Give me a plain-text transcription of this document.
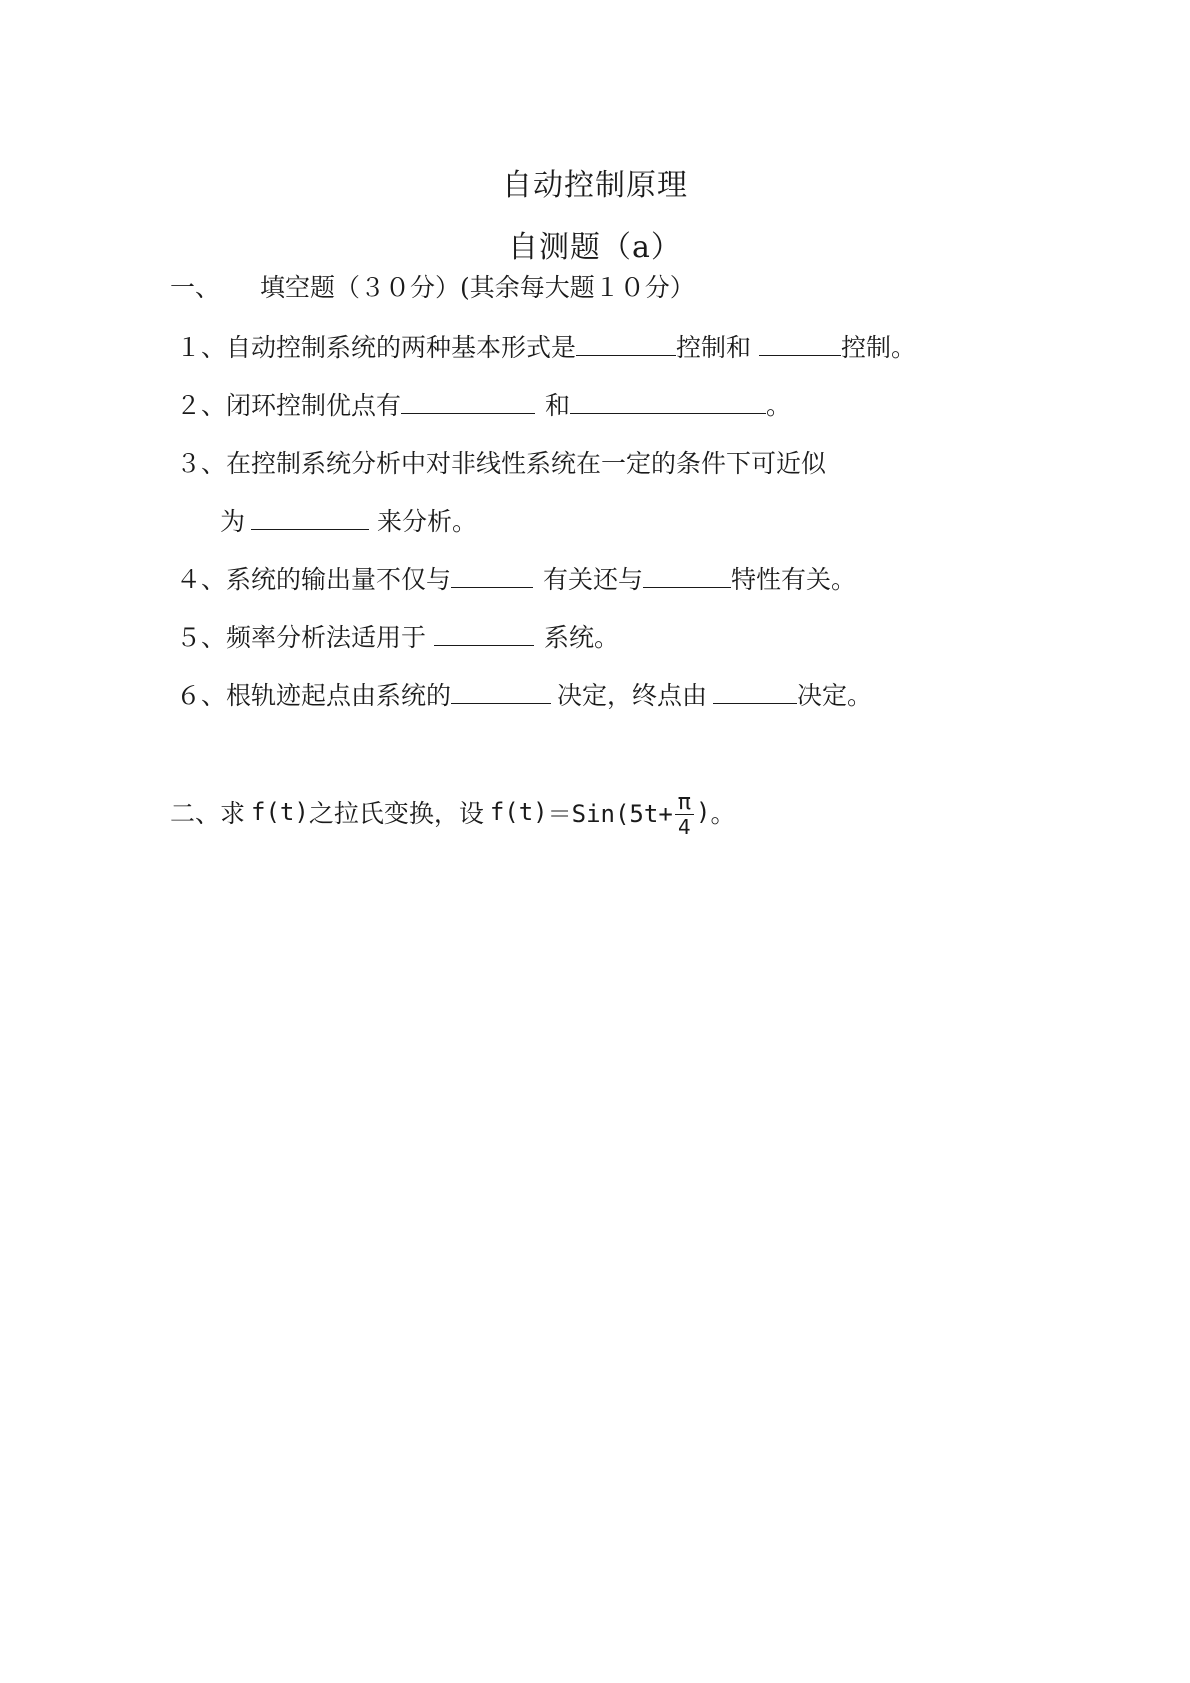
自动控制原理
自测题（a）
一、 填空题（３０分）(其余每大题１０分）
１、 自动控制系统的两种基本形式是	控制和	控制。
２、 闭环控制优点有	和	。
３、 在控制系统分析中对非线性系统在一定的条件下可近似
为	来分析。
４、 系统的输出量不仅与	有关还与	特性有关。
５、 频率分析法适用于	系统。
６、 根轨迹起点由系统的	决定，终点由	决定。
二、求 f(t) 之拉氏变换，设 $f(t) =Sin(5t+ \frac{\pi}{4}$ ) 。
